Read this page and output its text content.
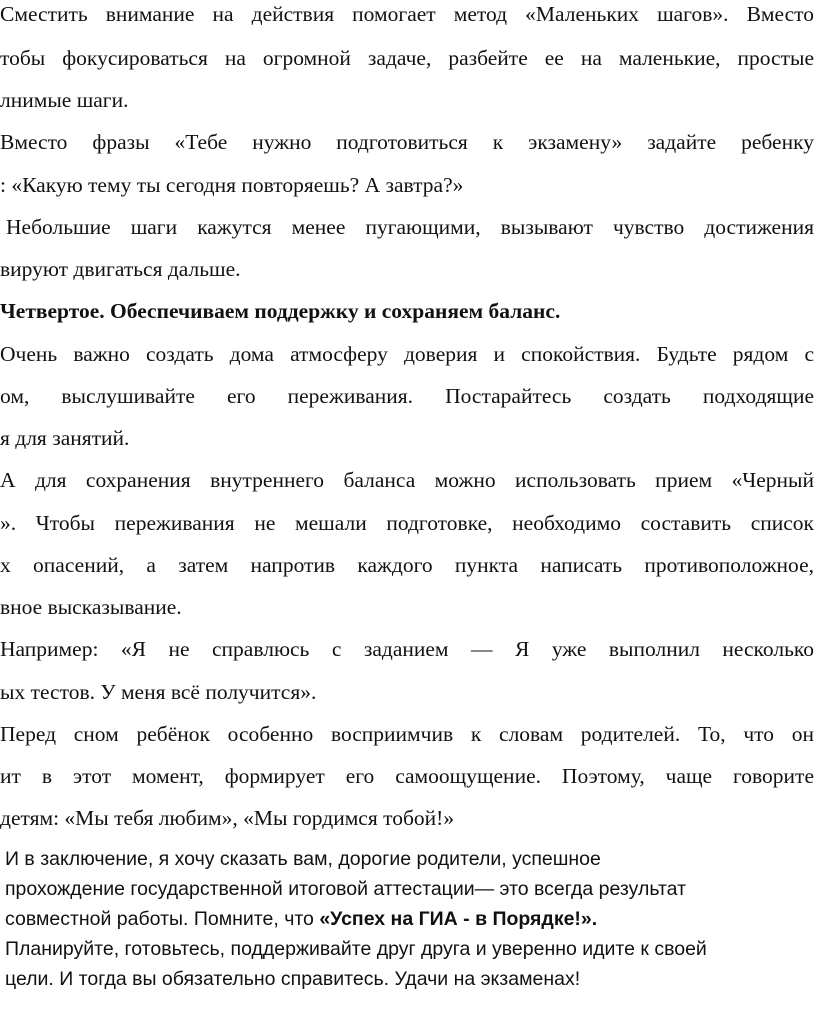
Сместить внимание на действия помогает метод «Маленьких шагов». Вместо
тобы фокусироваться на огромной задаче, разбейте ее на маленькие, простые
лнимые шаги.
Вместо фразы «Тебе нужно подготовиться к экзамену» задайте ребенку
: «Какую тему ты сегодня повторяешь? А завтра?»
Небольшие шаги кажутся менее пугающими, вызывают чувство достижения
вируют двигаться дальше.
Четвертое. Обеспечиваем поддержку и сохраняем баланс.
Очень важно создать дома атмосферу доверия и спокойствия. Будьте рядом с
ом, выслушивайте его переживания. Постарайтесь создать подходящие
я для занятий.
А для сохранения внутреннего баланса можно использовать прием «Черный
». Чтобы переживания не мешали подготовке, необходимо составить список
х опасений, а затем напротив каждого пункта написать противоположное,
вное высказывание.
Например: «Я не справлюсь с заданием — Я уже выполнил несколько
ых тестов. У меня всё получится».
Перед сном ребёнок особенно восприимчив к словам родителей. То, что он
ит в этот момент, формирует его самоощущение. Поэтому, чаще говорите
детям: «Мы тебя любим», «Мы гордимся тобой!»
И в заключение, я хочу сказать вам, дорогие родители, успешное
прохождение государственной итоговой аттестации— это всегда результат
совместной работы. Помните, что «Успех на ГИА - в Порядке!».
Планируйте, готовьтесь, поддерживайте друг друга и уверенно идите к своей
цели. И тогда вы обязательно справитесь. Удачи на экзаменах!
